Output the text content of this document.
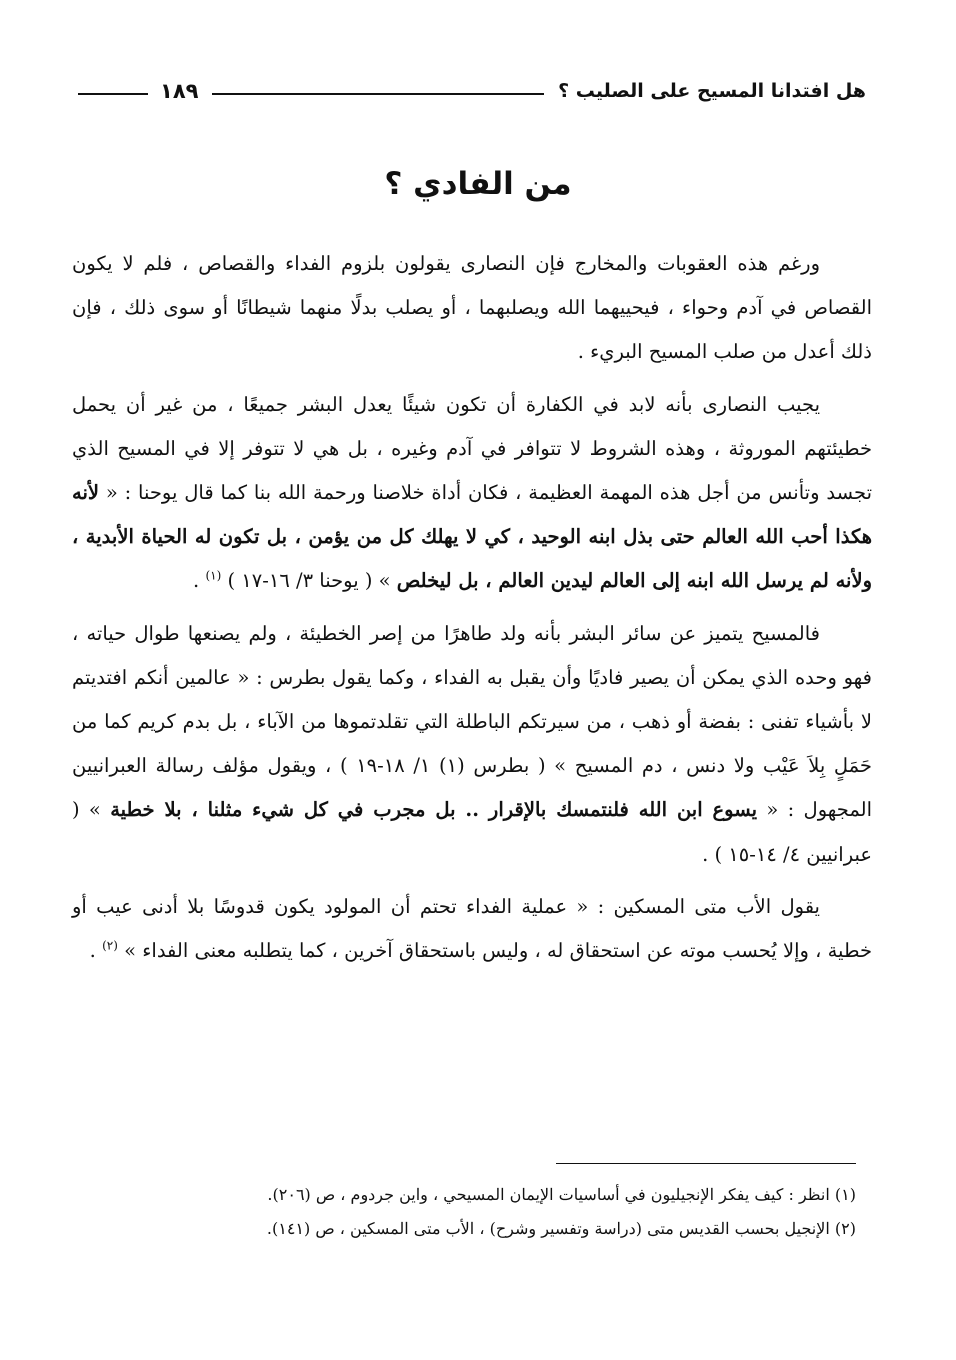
هل افتدانا المسيح على الصليب ؟
١٨٩
من الفادي ؟

ورغم هذه العقوبات والمخارج فإن النصارى يقولون بلزوم الفداء والقصاص ، فلم لا يكون القصاص في آدم وحواء ، فيحييهما الله ويصلبهما ، أو يصلب بدلًا منهما شيطانًا أو سوى ذلك ، فإن ذلك أعدل من صلب المسيح البريء .

يجيب النصارى بأنه لابد في الكفارة أن تكون شيئًا يعدل البشر جميعًا ، من غير أن يحمل خطيئتهم الموروثة ، وهذه الشروط لا تتوافر في آدم وغيره ، بل هي لا تتوفر إلا في المسيح الذي تجسد وتأنس من أجل هذه المهمة العظيمة ، فكان أداة خلاصنا ورحمة الله بنا كما قال يوحنا : « لأنه هكذا أحب الله العالم حتى بذل ابنه الوحيد ، كي لا يهلك كل من يؤمن ، بل تكون له الحياة الأبدية ، ولأنه لم يرسل الله ابنه إلى العالم ليدين العالم ، بل ليخلص » ( يوحنا ٣/ ١٦-١٧ ) $^{(١)}$ .

فالمسيح يتميز عن سائر البشر بأنه ولد طاهرًا من إصر الخطيئة ، ولم يصنعها طوال حياته ، فهو وحده الذي يمكن أن يصير فاديًا وأن يقبل به الفداء ، وكما يقول بطرس : « عالمين أنكم افتديتم لا بأشياء تفنى : بفضة أو ذهب ، من سيرتكم الباطلة التي تقلدتموها من الآباء ، بل بدم كريم كما من حَمَلٍ بِلاَ عَيْب ولا دنس ، دم المسيح » ( بطرس (١) ١/ ١٨-١٩ ) ، ويقول مؤلف رسالة العبرانيين المجهول : « يسوع ابن الله فلنتمسك بالإقرار .. بل مجرب في كل شيء مثلنا ، بلا خطية » ( عبرانيين ٤/ ١٤-١٥ ) .

يقول الأب متى المسكين : « عملية الفداء تحتم أن المولود يكون قدوسًا بلا أدنى عيب أو خطية ، وإلا يُحسب موته عن استحقاق له ، وليس باستحقاق آخرين ، كما يتطلبه معنى الفداء » $^{(٢)}$ .

(١) انظر : كيف يفكر الإنجيليون في أساسيات الإيمان المسيحي ، واين جردوم ، ص (٢٠٦).

(٢) الإنجيل بحسب القديس متى (دراسة وتفسير وشرح) ، الأب متى المسكين ، ص (١٤١).
